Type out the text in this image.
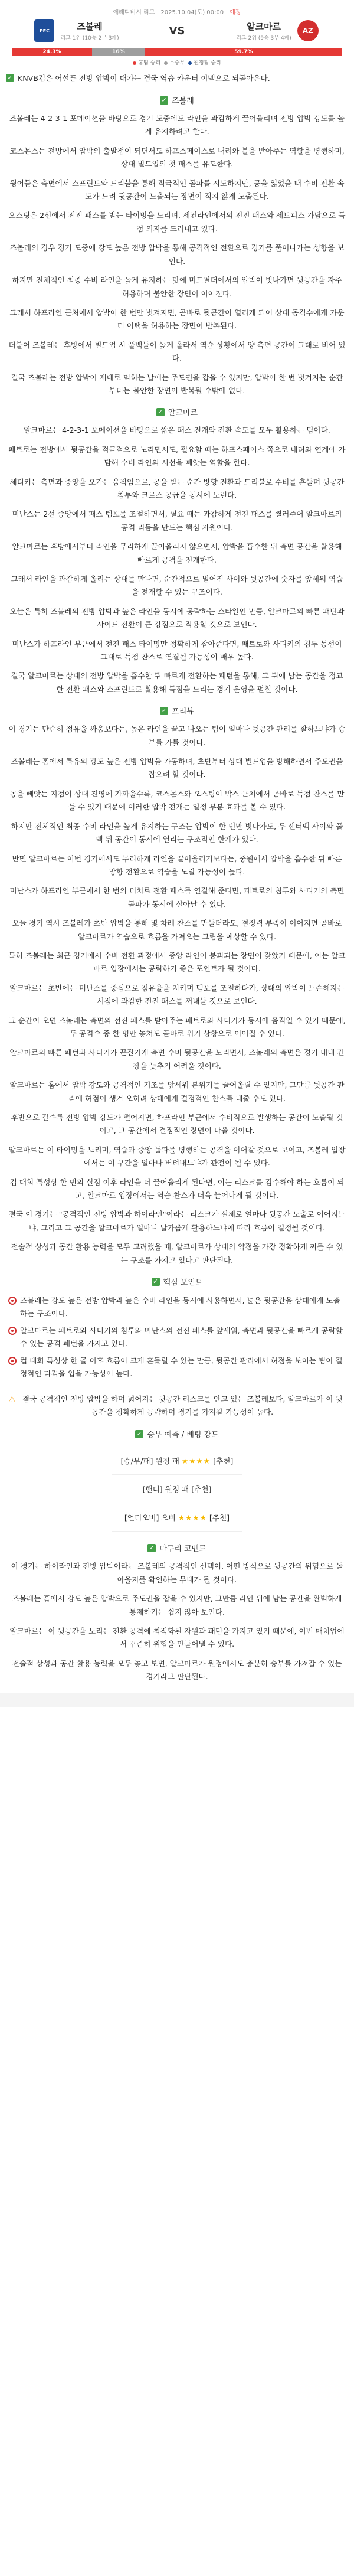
에레디비시 리그 2025.10.04(토) 00:00 예정
PEC	즈볼레
리그 1위 (10승 2무 3패)
VS	알크마르
리그 2위 (9승 3무 4패)
AZ
24.3%	16%	59.7%
홈팀 승리	무승부	원정팀 승리
✓ KNVB컵은 어설픈 전방 압박이 대가는 결국 역습 카운터 이맥으로 되돌아온다.
✓ 즈볼레

즈볼레는 4-2-3-1 포메이션을 바탕으로 경기 도중에도 라인을 과감하게 끌어올리며 전방 압박 강도를 높게 유지하려고 한다.

코스몬스는 전방에서 압박의 출발점이 되면서도 하프스페이스로 내려와 볼을 받아주는 역할을 병행하며, 상대 빌드업의 첫 패스를 유도한다.

윙어들은 측면에서 스프린트와 드리블을 통해 적극적인 돌파를 시도하지만, 공을 잃었을 때 수비 전환 속도가 느려 뒷공간이 노출되는 장면이 적지 않게 노출된다.

오스팅은 2선에서 전진 패스를 받는 타이밍을 노리며, 세컨라인에서의 전진 패스와 세트피스 가담으로 득점 의지를 드러내고 있다.

즈볼레의 경우 경기 도중에 강도 높은 전방 압박을 통해 공격적인 전환으로 경기를 풀어나가는 성향을 보인다.

하지만 전체적인 최종 수비 라인을 높게 유지하는 탓에 미드필더에서의 압박이 빗나가면 뒷공간을 자주 허용하며 불안한 장면이 이어진다.

그래서 하프라인 근처에서 압박이 한 번만 벗겨지면, 곧바로 뒷공간이 열리게 되어 상대 공격수에게 카운터 어택을 허용하는 장면이 반복된다.

더불어 즈볼레는 후방에서 빌드업 시 풀백들이 높게 올라서 역습 상황에서 양 측면 공간이 그대로 비어 있다.

결국 즈볼레는 전방 압박이 제대로 먹히는 날에는 주도권을 잡을 수 있지만, 압박이 한 번 벗겨지는 순간부터는 불안한 장면이 반복될 수밖에 없다.

✓ 알크마르

알크마르는 4-2-3-1 포메이션을 바탕으로 짧은 패스 전개와 전환 속도를 모두 활용하는 팀이다.

패트로는 전방에서 뒷공간을 적극적으로 노리면서도, 필요할 때는 하프스페이스 쪽으로 내려와 연계에 가담해 수비 라인의 시선을 빼앗는 역할을 한다.

세디키는 측면과 중앙을 오가는 움직임으로, 공을 받는 순간 방향 전환과 드리블로 수비를 흔들며 뒷공간 침투와 크로스 공급을 동시에 노린다.

미난스는 2선 중앙에서 패스 템포를 조절하면서, 필요 때는 과감하게 전진 패스를 찔러주어 알크마르의 공격 리듬을 만드는 핵심 자원이다.

알크마르는 후방에서부터 라인을 무리하게 끌어올리지 않으면서, 압박을 흡수한 뒤 측면 공간을 활용해 빠르게 공격을 전개한다.

그래서 라인을 과감하게 올리는 상대를 만나면, 순간적으로 벌어진 사이와 뒷공간에 숫자를 앞세워 역습을 전개할 수 있는 구조이다.

오늘은 특히 즈볼레의 전방 압박과 높은 라인을 동시에 공략하는 스타일인 만큼, 알크마르의 빠른 패턴과 사이드 전환이 큰 강점으로 작용할 것으로 보인다.

미난스가 하프라인 부근에서 전진 패스 타이밍만 정확하게 잡아준다면, 패트로와 사디키의 침투 동선이 그대로 득점 찬스로 연결될 가능성이 매우 높다.

결국 알크마르는 상대의 전방 압박을 흡수한 뒤 빠르게 전환하는 패턴을 통해, 그 뒤에 남는 공간을 정교한 전환 패스와 스프린트로 활용해 득점을 노리는 경기 운영을 펼칠 것이다.

✓ 프리뷰

이 경기는 단순히 점유율 싸움보다는, 높은 라인을 끌고 나오는 팀이 얼마나 뒷공간 관리를 잘하느냐가 승부를 가를 것이다.

즈볼레는 홈에서 특유의 강도 높은 전방 압박을 가동하며, 초반부터 상대 빌드업을 방해하면서 주도권을 잡으려 할 것이다.

공을 빼앗는 지점이 상대 진영에 가까울수록, 코스몬스와 오스팅이 박스 근처에서 곧바로 득점 찬스를 만들 수 있기 때문에 이러한 압박 전개는 일정 부분 효과를 볼 수 있다.

하지만 전체적인 최종 수비 라인을 높게 유지하는 구조는 압박이 한 번만 빗나가도, 두 센터백 사이와 풀백 뒤 공간이 동시에 열리는 구조적인 한계가 있다.

반면 알크마르는 이번 경기에서도 무리하게 라인을 끌어올리기보다는, 중원에서 압박을 흡수한 뒤 빠른 방향 전환으로 역습을 노릴 가능성이 높다.

미난스가 하프라인 부근에서 한 번의 터치로 전환 패스를 연결해 준다면, 패트로의 침투와 사디키의 측면 돌파가 동시에 살아날 수 있다.

오늘 경기 역시 즈볼레가 초반 압박을 통해 몇 차례 찬스를 만들더라도, 결정력 부족이 이어지면 곧바로 알크마르가 역습으로 흐름을 가져오는 그림을 예상할 수 있다.

특히 즈볼레는 최근 경기에서 수비 전환 과정에서 중앙 라인이 붕괴되는 장면이 잦았기 때문에, 이는 알크마르 입장에서는 공략하기 좋은 포인트가 될 것이다.

알크마르는 초반에는 미난스를 중심으로 점유율을 지키며 템포를 조절하다가, 상대의 압박이 느슨해지는 시점에 과감한 전진 패스를 꺼내들 것으로 보인다.

그 순간이 오면 즈볼레는 측면의 전진 패스를 받아주는 패트로와 사디키가 동시에 움직일 수 있기 때문에, 두 공격수 중 한 명만 놓쳐도 곧바로 위기 상황으로 이어질 수 있다.

알크마르의 빠른 패턴과 사디키가 끈질기게 측면 수비 뒷공간을 노리면서, 즈볼레의 측면은 경기 내내 긴장을 늦추기 어려울 것이다.

알크마르는 홈에서 압박 강도와 공격적인 기조를 앞세워 분위기를 끌어올릴 수 있지만, 그만큼 뒷공간 관리에 허점이 생겨 오히려 상대에게 결정적인 찬스를 내줄 수도 있다.

후반으로 갈수록 전방 압박 강도가 떨어지면, 하프라인 부근에서 수비적으로 발생하는 공간이 노출될 것이고, 그 공간에서 결정적인 장면이 나올 것이다.

알크마르는 이 타이밍을 노리며, 역습과 중앙 돌파를 병행하는 공격을 이어갈 것으로 보이고, 즈볼레 입장에서는 이 구간을 얼마나 버텨내느냐가 관건이 될 수 있다.

컵 대회 특성상 한 번의 실점 이후 라인을 더 끌어올리게 된다면, 이는 리스크를 감수해야 하는 흐름이 되고, 알크마르 입장에서는 역습 찬스가 더욱 늘어나게 될 것이다.

결국 이 경기는 "공격적인 전방 압박과 하이라인"이라는 리스크가 실제로 얼마나 뒷공간 노출로 이어지느냐, 그리고 그 공간을 알크마르가 얼마나 날카롭게 활용하느냐에 따라 흐름이 결정될 것이다.

전술적 상성과 공간 활용 능력을 모두 고려했을 때, 알크마르가 상대의 약점을 가장 정확하게 찌를 수 있는 구조를 가지고 있다고 판단된다.

✓ 핵심 포인트
즈볼레는 강도 높은 전방 압박과 높은 수비 라인을 동시에 사용하면서, 넓은 뒷공간을 상대에게 노출하는 구조이다.
알크마르는 패트로와 사디키의 침투와 미난스의 전진 패스를 앞세워, 측면과 뒷공간을 빠르게 공략할 수 있는 공격 패턴을 가지고 있다.
컵 대회 특성상 한 골 이후 흐름이 크게 흔들릴 수 있는 만큼, 뒷공간 관리에서 허점을 보이는 팀이 결정적인 타격을 입을 가능성이 높다.
⚠ 결국 공격적인 전방 압박을 하며 넓어지는 뒷공간 리스크를 안고 있는 즈볼레보다, 알크마르가 이 뒷공간을 정확하게 공략하며 경기를 가져갈 가능성이 높다.
✓ 승부 예측 / 배팅 강도
[승/무/패] 원정 패 ★★★★ [추천]
[핸디] 원정 패 [추천]
[언더오버] 오버 ★★★★ [추천]
✓ 마무리 코멘트

이 경기는 하이라인과 전방 압박이라는 즈볼레의 공격적인 선택이, 어떤 방식으로 뒷공간의 위험으로 돌아올지를 확인하는 무대가 될 것이다.

즈볼레는 홈에서 강도 높은 압박으로 주도권을 잡을 수 있지만, 그만큼 라인 뒤에 남는 공간을 완벽하게 통제하기는 쉽지 않아 보인다.

알크마르는 이 뒷공간을 노리는 전환 공격에 최적화된 자원과 패턴을 가지고 있기 때문에, 이번 매치업에서 꾸준히 위협을 만들어낼 수 있다.

전술적 상성과 공간 활용 능력을 모두 놓고 보면, 알크마르가 원정에서도 충분히 승부를 가져갈 수 있는 경기라고 판단된다.
